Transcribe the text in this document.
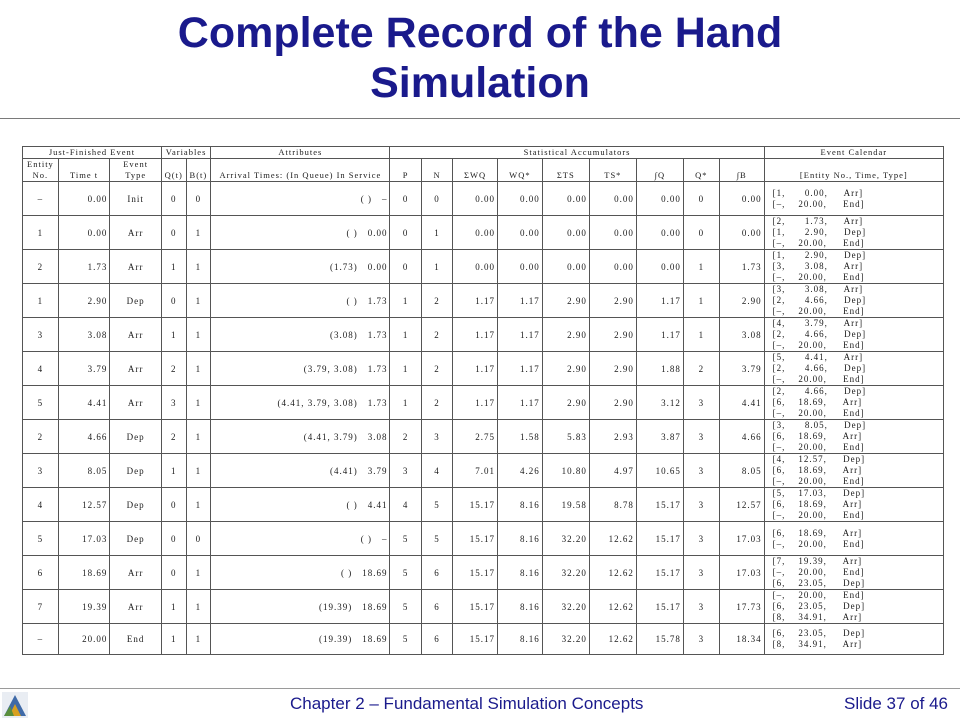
Complete Record of the Hand
Simulation
Just-Finished Event			Variables		Attributes	Statistical Accumulators									Event Calendar
Entity No.	Time t	Event Type	Q(t)	B(t)	Arrival Times: (In Queue) In Service	P	N	ΣWQ	WQ*	ΣTS	TS*	∫Q	Q*	∫B	[Entity No., Time, Type]
–	0.00	Init	0	0	( ) –	0	0	0.00	0.00	0.00	0.00	0.00	0	0.00	[1,      0.00,     Arr]
[–,    20.00,     End]

1	0.00	Arr	0	1	( ) 0.00	0	1	0.00	0.00	0.00	0.00	0.00	0	0.00	[2,      1.73,     Arr]
[1,      2.90,     Dep]
[–,    20.00,     End]

2	1.73	Arr	1	1	(1.73) 0.00	0	1	0.00	0.00	0.00	0.00	0.00	1	1.73	[1,      2.90,     Dep]
[3,      3.08,     Arr]
[–,    20.00,     End]

1	2.90	Dep	0	1	( ) 1.73	1	2	1.17	1.17	2.90	2.90	1.17	1	2.90	[3,      3.08,     Arr]
[2,      4.66,     Dep]
[–,    20.00,     End]

3	3.08	Arr	1	1	(3.08) 1.73	1	2	1.17	1.17	2.90	2.90	1.17	1	3.08	[4,      3.79,     Arr]
[2,      4.66,     Dep]
[–,    20.00,     End]

4	3.79	Arr	2	1	(3.79, 3.08) 1.73	1	2	1.17	1.17	2.90	2.90	1.88	2	3.79	[5,      4.41,     Arr]
[2,      4.66,     Dep]
[–,    20.00,     End]

5	4.41	Arr	3	1	(4.41, 3.79, 3.08) 1.73	1	2	1.17	1.17	2.90	2.90	3.12	3	4.41	[2,      4.66,     Dep]
[6,    18.69,     Arr]
[–,    20.00,     End]

2	4.66	Dep	2	1	(4.41, 3.79) 3.08	2	3	2.75	1.58	5.83	2.93	3.87	3	4.66	[3,      8.05,     Dep]
[6,    18.69,     Arr]
[–,    20.00,     End]

3	8.05	Dep	1	1	(4.41) 3.79	3	4	7.01	4.26	10.80	4.97	10.65	3	8.05	[4,    12.57,     Dep]
[6,    18.69,     Arr]
[–,    20.00,     End]

4	12.57	Dep	0	1	( ) 4.41	4	5	15.17	8.16	19.58	8.78	15.17	3	12.57	[5,    17.03,     Dep]
[6,    18.69,     Arr]
[–,    20.00,     End]

5	17.03	Dep	0	0	( ) –	5	5	15.17	8.16	32.20	12.62	15.17	3	17.03	[6,    18.69,     Arr]
[–,    20.00,     End]

6	18.69	Arr	0	1	( ) 18.69	5	6	15.17	8.16	32.20	12.62	15.17	3	17.03	[7,    19.39,     Arr]
[–,    20.00,     End]
[6,    23.05,     Dep]

7	19.39	Arr	1	1	(19.39) 18.69	5	6	15.17	8.16	32.20	12.62	15.17	3	17.73	[–,    20.00,     End]
[6,    23.05,     Dep]
[8,    34.91,     Arr]

–	20.00	End	1	1	(19.39) 18.69	5	6	15.17	8.16	32.20	12.62	15.78	3	18.34	[6,    23.05,     Dep]
[8,    34.91,     Arr]
Chapter 2 – Fundamental Simulation Concepts	Slide 37 of 46
